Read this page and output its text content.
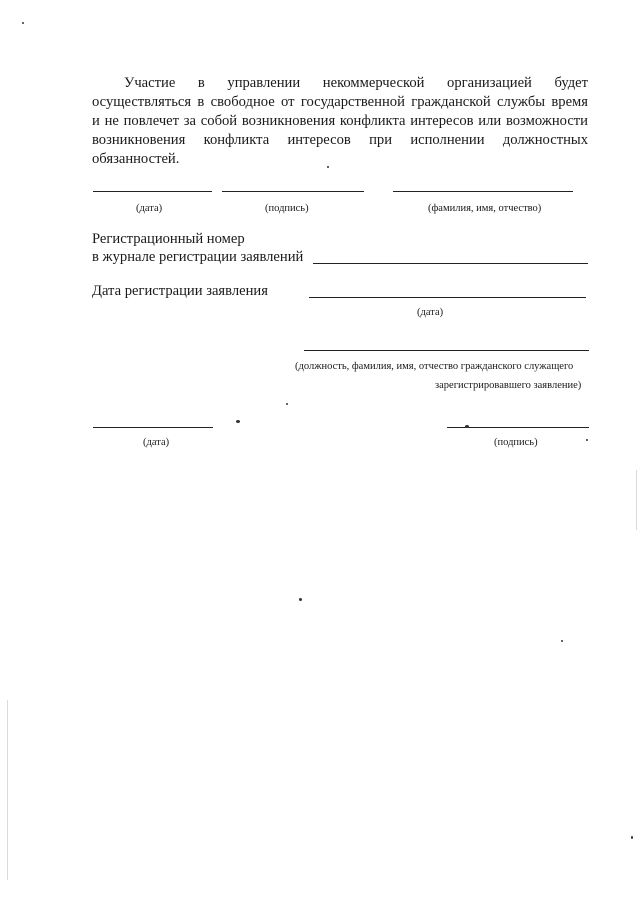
Участие в управлении некоммерческой организацией будет
осуществляться в свободное от государственной гражданской службы время
и не повлечет за собой возникновения конфликта интересов или возможности
возникновения конфликта интересов при исполнении должностных
обязанностей.
(дата)	(подпись)	(фамилия, имя, отчество)
Регистрационный номер
в журнале регистрации заявлений
Дата регистрации заявления
(дата)
(должность, фамилия, имя, отчество гражданского служащего
зарегистрировавшего заявление)
(дата)	(подпись)
